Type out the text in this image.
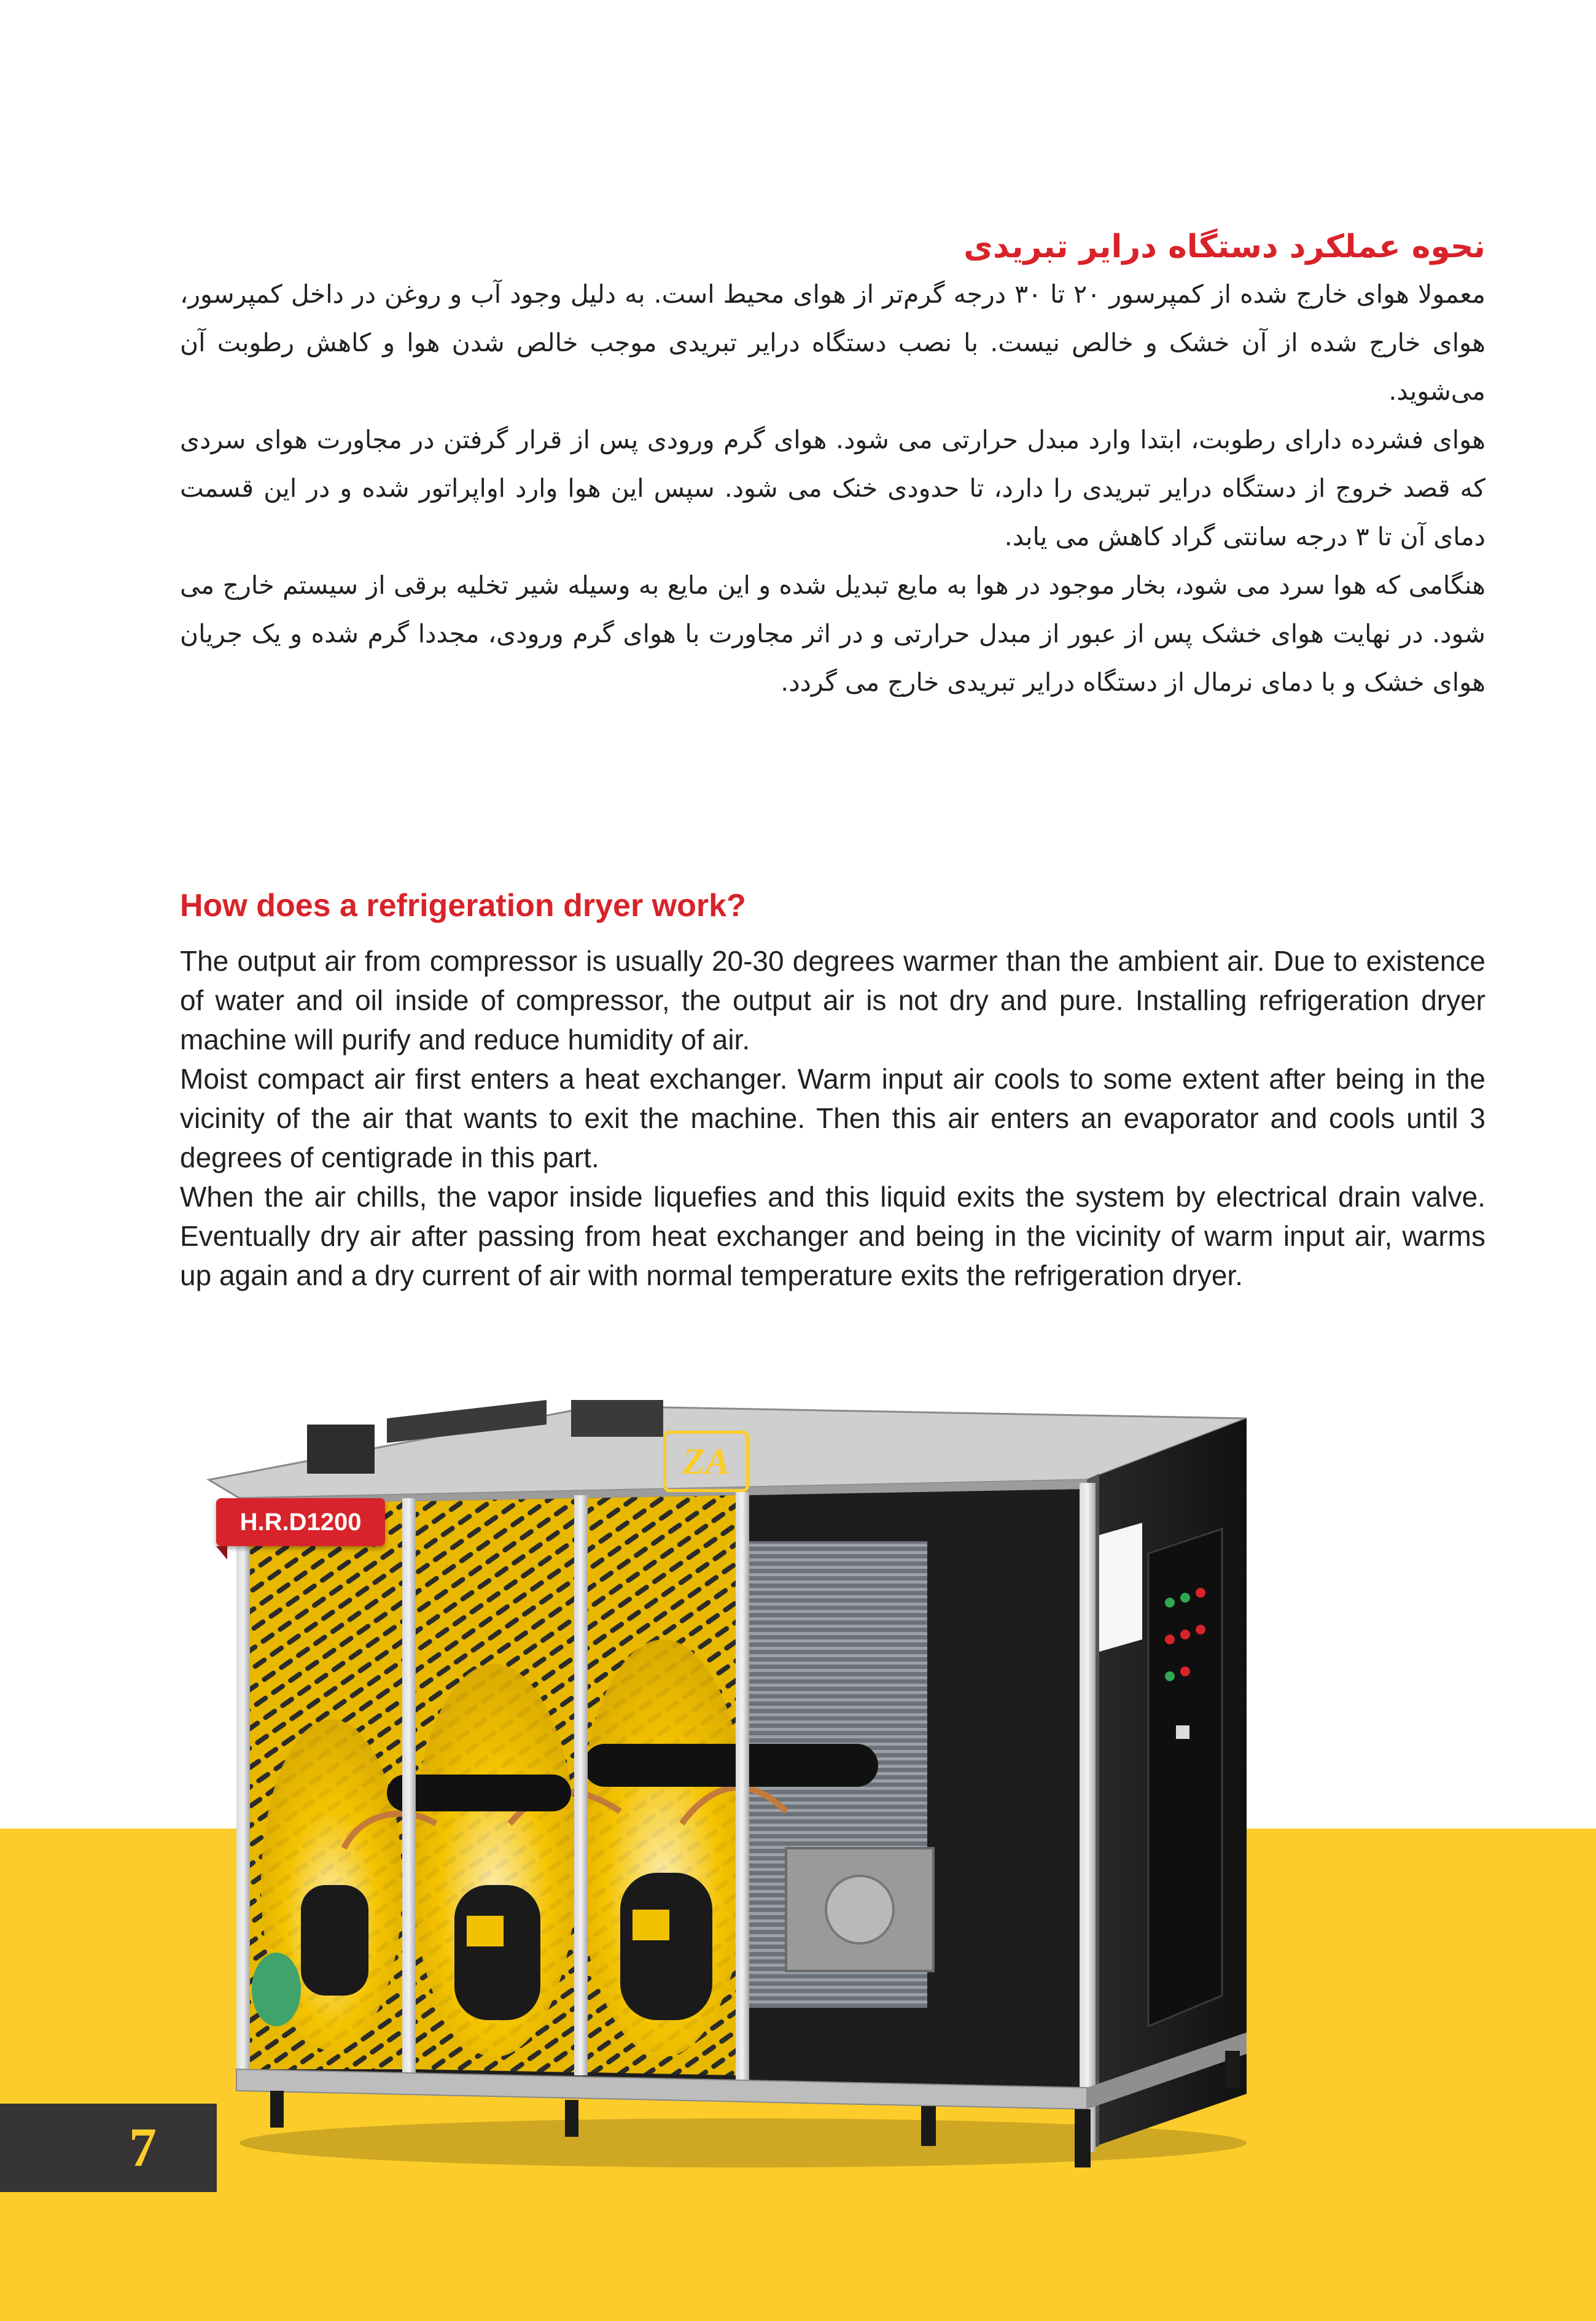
نحوه عملکرد دستگاه درایر تبریدی

معمولا هوای خارج شده از کمپرسور ۲۰ تا ۳۰ درجه گرم‌تر از هوای محیط است. به دلیل وجود آب و روغن در داخل کمپرسور، هوای خارج شده از آن خشک و خالص نیست. با نصب دستگاه درایر تبریدی موجب خالص شدن هوا و کاهش رطوبت آن می‌شوید.

هوای فشرده دارای رطوبت، ابتدا وارد مبدل حرارتی می شود. هوای گرم ورودی پس از قرار گرفتن در مجاورت هوای سردی که قصد خروج از دستگاه درایر تبریدی را دارد، تا حدودی خنک می شود. سپس این هوا وارد اواپراتور شده و در این قسمت دمای آن تا ۳ درجه سانتی گراد کاهش می یابد.

هنگامی که هوا سرد می شود، بخار موجود در هوا به مایع تبدیل شده و این مایع به وسیله شیر تخلیه برقی از سیستم خارج می شود. در نهایت هوای خشک پس از عبور از مبدل حرارتی و در اثر مجاورت با هوای گرم ورودی، مجددا گرم شده و یک جریان هوای خشک و با دمای نرمال از دستگاه درایر تبریدی خارج می گردد.

How does a refrigeration dryer work?

The output air from compressor is usually 20-30 degrees warmer than the ambient air. Due to existence of water and oil inside of compressor, the output air is not dry and pure. Installing refrigeration dryer machine will purify and reduce humidity of air.

Moist compact air first enters a heat exchanger. Warm input air cools to some extent after being in the vicinity of the air that wants to exit the machine. Then this air enters an evaporator and cools until 3 degrees of centigrade in this part.

When the air chills, the vapor inside liquefies and this liquid exits the system by electrical drain valve. Eventually dry air after passing from heat exchanger and being in the vicinity of warm input air, warms up again and a dry current of air with normal temperature exits the refrigeration dryer.

ZA
H.R.D1200

7
